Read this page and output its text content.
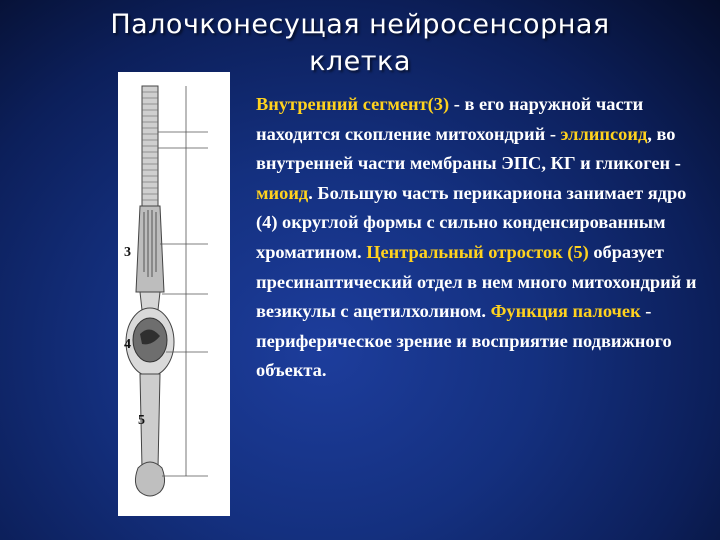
Палочконесущая нейросенсорная
клетка
3
4
5
Внутренний сегмент(3) - в его наружной части находится скопление митохондрий - эллипсоид, во внутренней части мембраны ЭПС, КГ и гликоген - миоид. Большую часть перикариона занимает ядро (4) округлой формы с сильно конденсированным хроматином. Центральный отросток (5) образует пресинаптический отдел в нем много митохондрий и везикулы с ацетилхолином. Функция палочек - периферическое зрение и восприятие подвижного объекта.
